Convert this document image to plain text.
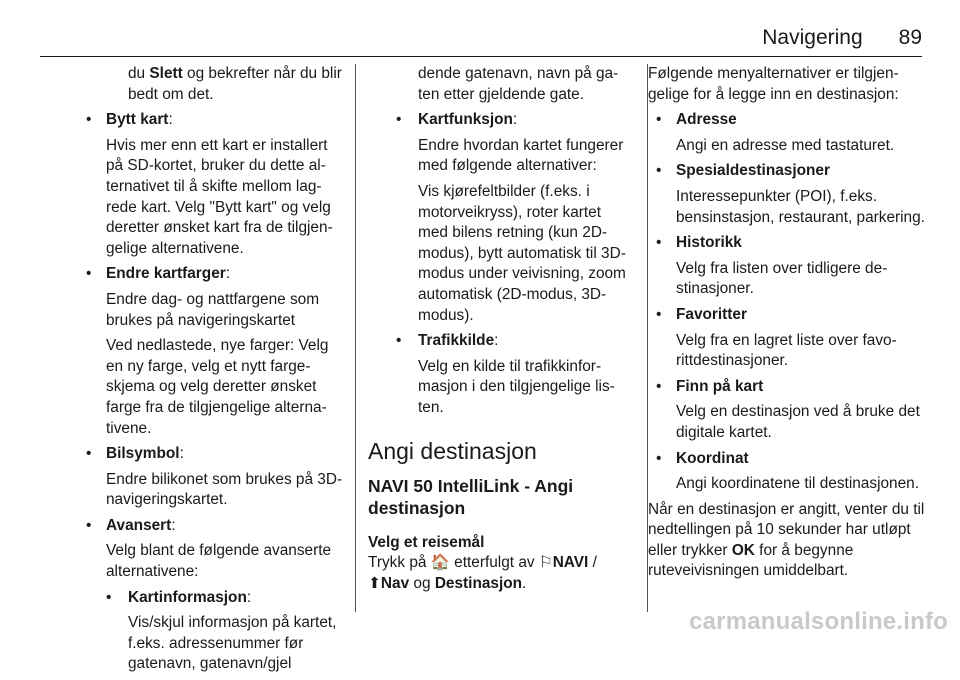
Navigering 89

du Slett og bekrefter når du blir bedt om det.

• Bytt kart:

Hvis mer enn ett kart er installert på SD-kortet, bruker du dette alternativet til å skifte mellom lagrede kart. Velg "Bytt kart" og velg deretter ønsket kart fra de tilgjengelige alternativene.

• Endre kartfarger:

Endre dag- og nattfargene som brukes på navigeringskartet

Ved nedlastede, nye farger: Velg en ny farge, velg et nytt fargeskjema og velg deretter ønsket farge fra de tilgjengelige alternativene.

• Bilsymbol:

Endre bilikonet som brukes på 3D-navigeringskartet.

• Avansert:

Velg blant de følgende avanserte alternativene:

• Kartinformasjon:

Vis/skjul informasjon på kartet, f.eks. adressenummer før gatenavn, gatenavn/gjel

dende gatenavn, navn på gaten etter gjeldende gate.

• Kartfunksjon:

Endre hvordan kartet fungerer med følgende alternativer:

Vis kjørefeltbilder (f.eks. i motorveikryss), roter kartet med bilens retning (kun 2D-modus), bytt automatisk til 3D-modus under veivisning, zoom automatisk (2D-modus, 3D-modus).

• Trafikkilde:

Velg en kilde til trafikkinformasjon i den tilgjengelige listen.

Angi destinasjon
NAVI 50 IntelliLink - Angi destinasjon
Velg et reisemål

Trykk på 🏠 etterfulgt av ⚐NAVI / ⬆Nav og Destinasjon.

Følgende menyalternativer er tilgjengelige for å legge inn en destinasjon:

• Adresse

Angi en adresse med tastaturet.

• Spesialdestinasjoner

Interessepunkter (POI), f.eks. bensinstasjon, restaurant, parkering.

• Historikk

Velg fra listen over tidligere destinasjoner.

• Favoritter

Velg fra en lagret liste over favorittdestinasjoner.

• Finn på kart

Velg en destinasjon ved å bruke det digitale kartet.

• Koordinat

Angi koordinatene til destinasjonen.

Når en destinasjon er angitt, venter du til nedtellingen på 10 sekunder har utløpt eller trykker OK for å begynne ruteveivisningen umiddelbart.

carmanualsonline.info
